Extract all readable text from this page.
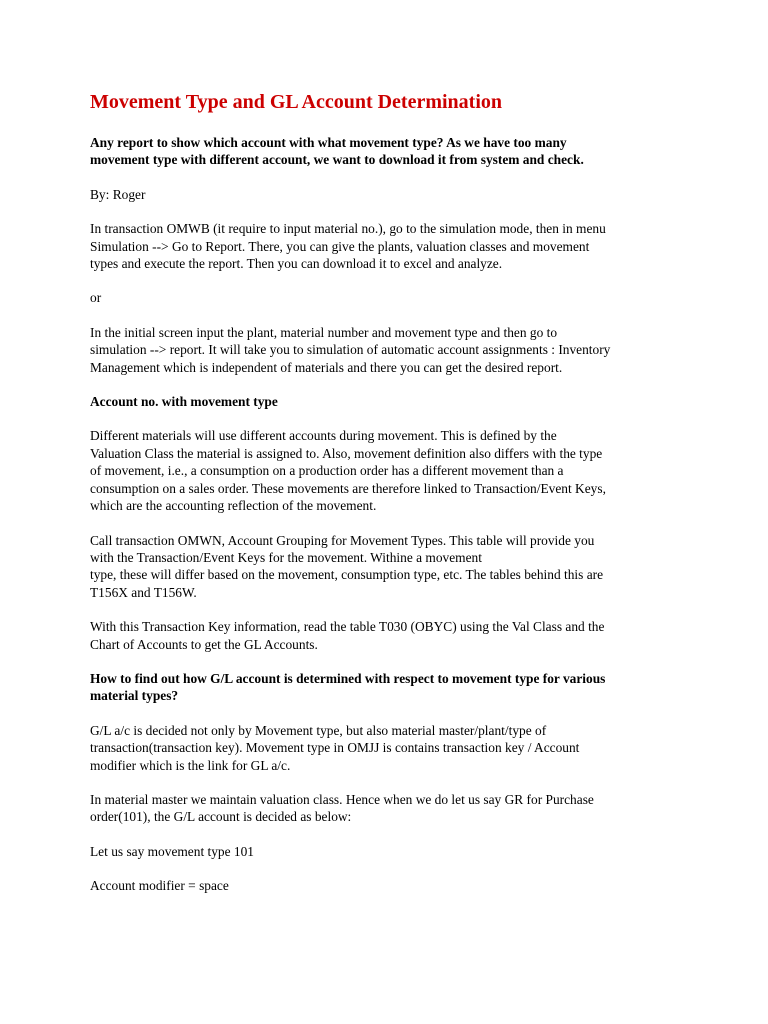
Movement Type and GL Account Determination

Any report to show which account with what movement type? As we have too many
movement type with different account, we want to download it from system and check.

By: Roger

In transaction OMWB (it require to input material no.), go to the simulation mode, then in menu
Simulation --> Go to Report. There, you can give the plants, valuation classes and movement
types and execute the report. Then you can download it to excel and analyze.

or

In the initial screen input the plant, material number and movement type and then go to
simulation --> report. It will take you to simulation of automatic account assignments : Inventory
Management which is independent of materials and there you can get the desired report.

Account no. with movement type

Different materials will use different accounts during movement. This is defined by the
Valuation Class the material is assigned to. Also, movement definition also differs with the type
of movement, i.e., a consumption on a production order has a different movement than a
consumption on a sales order. These movements are therefore linked to Transaction/Event Keys,
which are the accounting reflection of the movement.

Call transaction OMWN, Account Grouping for Movement Types. This table will provide you
with the Transaction/Event Keys for the movement. Withine a movement
type, these will differ based on the movement, consumption type, etc. The tables behind this are
T156X and T156W.

With this Transaction Key information, read the table T030 (OBYC) using the Val Class and the
Chart of Accounts to get the GL Accounts.

How to find out how G/L account is determined with respect to movement type for various
material types?

G/L a/c is decided not only by Movement type, but also material master/plant/type of
transaction(transaction key). Movement type in OMJJ is contains transaction key / Account
modifier which is the link for GL a/c.

In material master we maintain valuation class. Hence when we do let us say GR for Purchase
order(101), the G/L account is decided as below:

Let us say movement type 101

Account modifier = space
